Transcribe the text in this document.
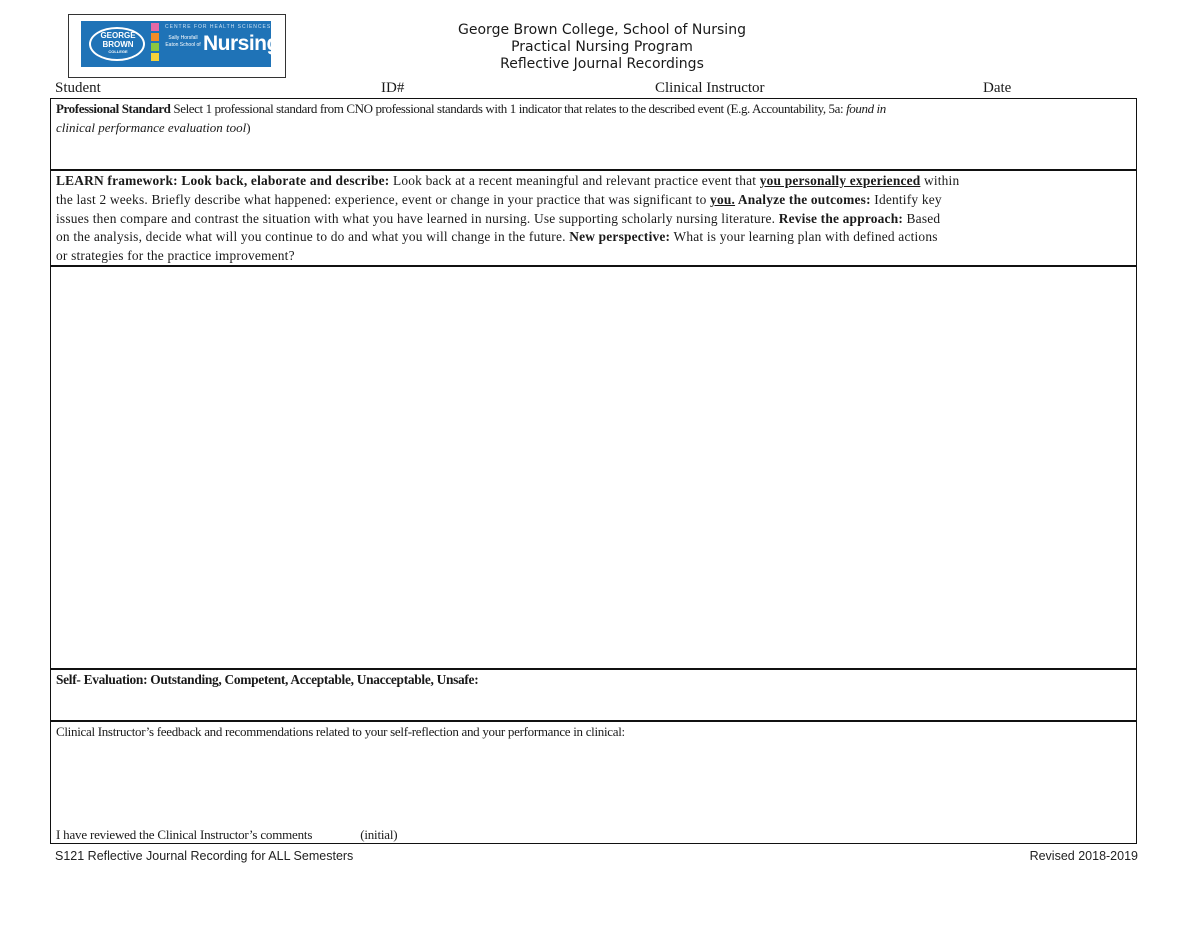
GEORGE
BROWN
COLLEGE
CENTRE FOR HEALTH SCIENCES
Sally Horsfall Eaton School of Nursing
George Brown College, School of Nursing
Practical Nursing Program
Reflective Journal Recordings
Student	ID#	Clinical Instructor	Date
Professional Standard Select 1 professional standard from CNO professional standards with 1 indicator that relates to the described event (E.g. Accountability, 5a: found in
clinical performance evaluation tool)
LEARN framework: Look back, elaborate and describe: Look back at a recent meaningful and relevant practice event that you personally experienced within
the last 2 weeks. Briefly describe what happened: experience, event or change in your practice that was significant to you. Analyze the outcomes: Identify key
issues then compare and contrast the situation with what you have learned in nursing. Use supporting scholarly nursing literature. Revise the approach: Based
on the analysis, decide what will you continue to do and what you will change in the future. New perspective: What is your learning plan with defined actions
or strategies for the practice improvement?
Self- Evaluation: Outstanding, Competent, Acceptable, Unacceptable, Unsafe:
Clinical Instructor’s feedback and recommendations related to your self-reflection and your performance in clinical:
I have reviewed the Clinical Instructor’s comments	(initial)
S121 Reflective Journal Recording for ALL Semesters	Revised 2018-2019
